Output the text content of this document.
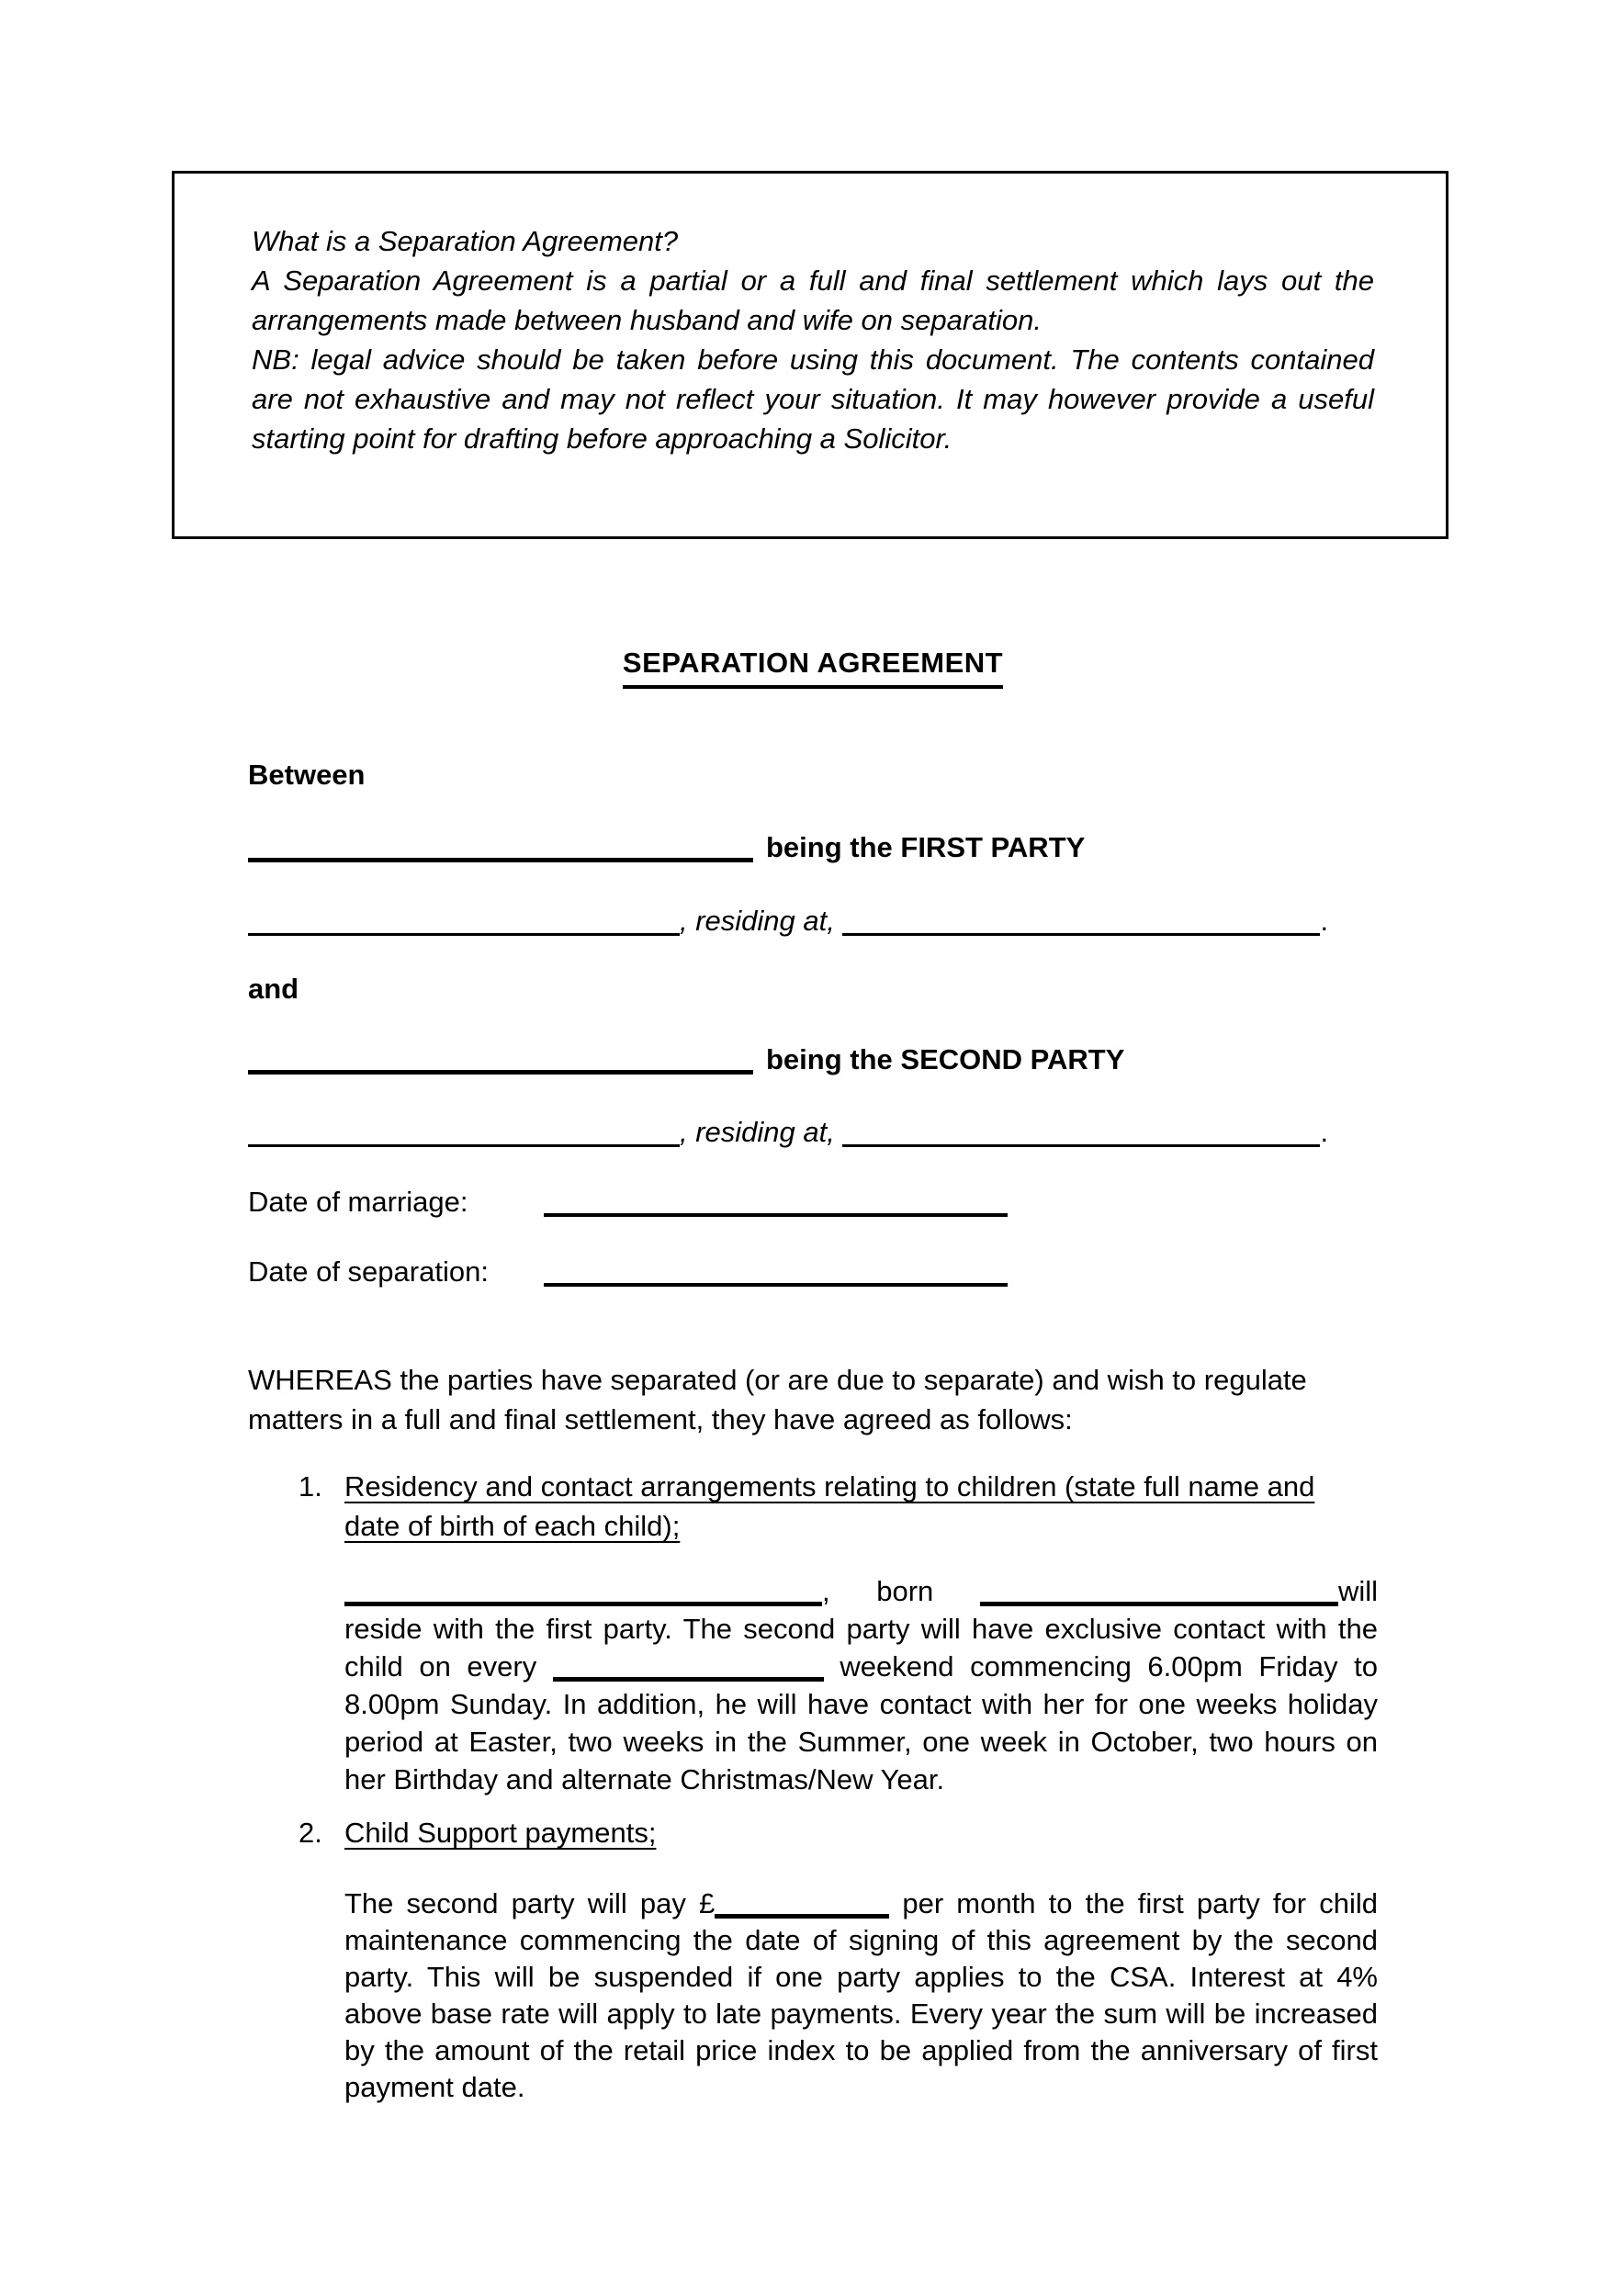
What is a Separation Agreement?

A Separation Agreement is a partial or a full and final settlement which lays out the arrangements made between husband and wife on separation.

NB: legal advice should be taken before using this document. The contents contained are not exhaustive and may not reflect your situation. It may however provide a useful starting point for drafting before approaching a Solicitor.

SEPARATION AGREEMENT

Between

being the FIRST PARTY

, residing at,	.

and

being the SECOND PARTY

, residing at,	.

Date of marriage:

Date of separation:

WHEREAS the parties have separated (or are due to separate) and wish to regulate matters in a full and final settlement, they have agreed as follows:

1. Residency and contact arrangements relating to children (state full name and date of birth of each child);

, born	will reside with the first party. The second party will have exclusive contact with the child on every	weekend commencing 6.00pm Friday to 8.00pm Sunday. In addition, he will have contact with her for one weeks holiday period at Easter, two weeks in the Summer, one week in October, two hours on her Birthday and alternate Christmas/New Year.

2. Child Support payments;

The second party will pay £	per month to the first party for child maintenance commencing the date of signing of this agreement by the second party. This will be suspended if one party applies to the CSA. Interest at 4% above base rate will apply to late payments. Every year the sum will be increased by the amount of the retail price index to be applied from the anniversary of first payment date.
